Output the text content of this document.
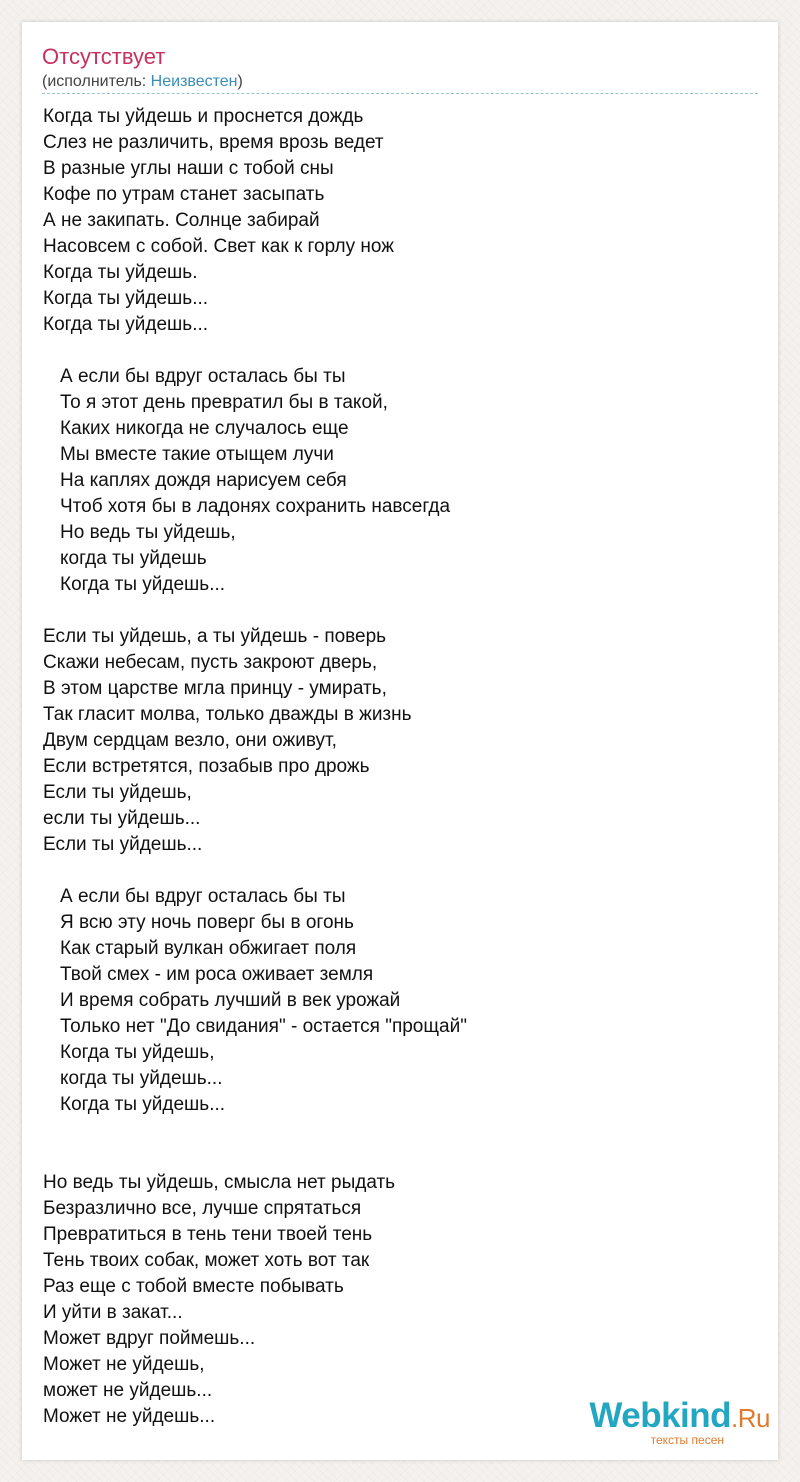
Отсутствует
(исполнитель: Неизвестен)
Когда ты уйдешь и проснется дождь
Слез не различить, время врозь ведет
В разные углы наши с тобой сны
Кофе по утрам станет засыпать
А не закипать. Солнце забирай
Насовсем с собой. Свет как к горлу нож
Когда ты уйдешь.
Когда ты уйдешь...
Когда ты уйдешь...
А если бы вдруг осталась бы ты
То я этот день превратил бы в такой,
Каких никогда не случалось еще
Мы вместе такие отыщем лучи
На каплях дождя нарисуем себя
Чтоб хотя бы в ладонях сохранить навсегда
Но ведь ты уйдешь,
когда ты уйдешь
Когда ты уйдешь...
Если ты уйдешь, а ты уйдешь - поверь
Скажи небесам, пусть закроют дверь,
В этом царстве мгла принцу - умирать,
Так гласит молва, только дважды в жизнь
Двум сердцам везло, они оживут,
Если встретятся, позабыв про дрожь
Если ты уйдешь,
если ты уйдешь...
Если ты уйдешь...
А если бы вдруг осталась бы ты
Я всю эту ночь поверг бы в огонь
Как старый вулкан обжигает поля
Твой смех - им роса оживает земля
И время собрать лучший в век урожай
Только нет "До свидания" - остается "прощай"
Когда ты уйдешь,
когда ты уйдешь...
Когда ты уйдешь...
Но ведь ты уйдешь, смысла нет рыдать
Безразлично все, лучше спрятаться
Превратиться в тень тени твоей тень
Тень твоих собак, может хоть вот так
Раз еще с тобой вместе побывать
И уйти в закат...
Может вдруг поймешь...
Может не уйдешь,
может не уйдешь...
Может не уйдешь...	Webkind.Ru
тексты песен
